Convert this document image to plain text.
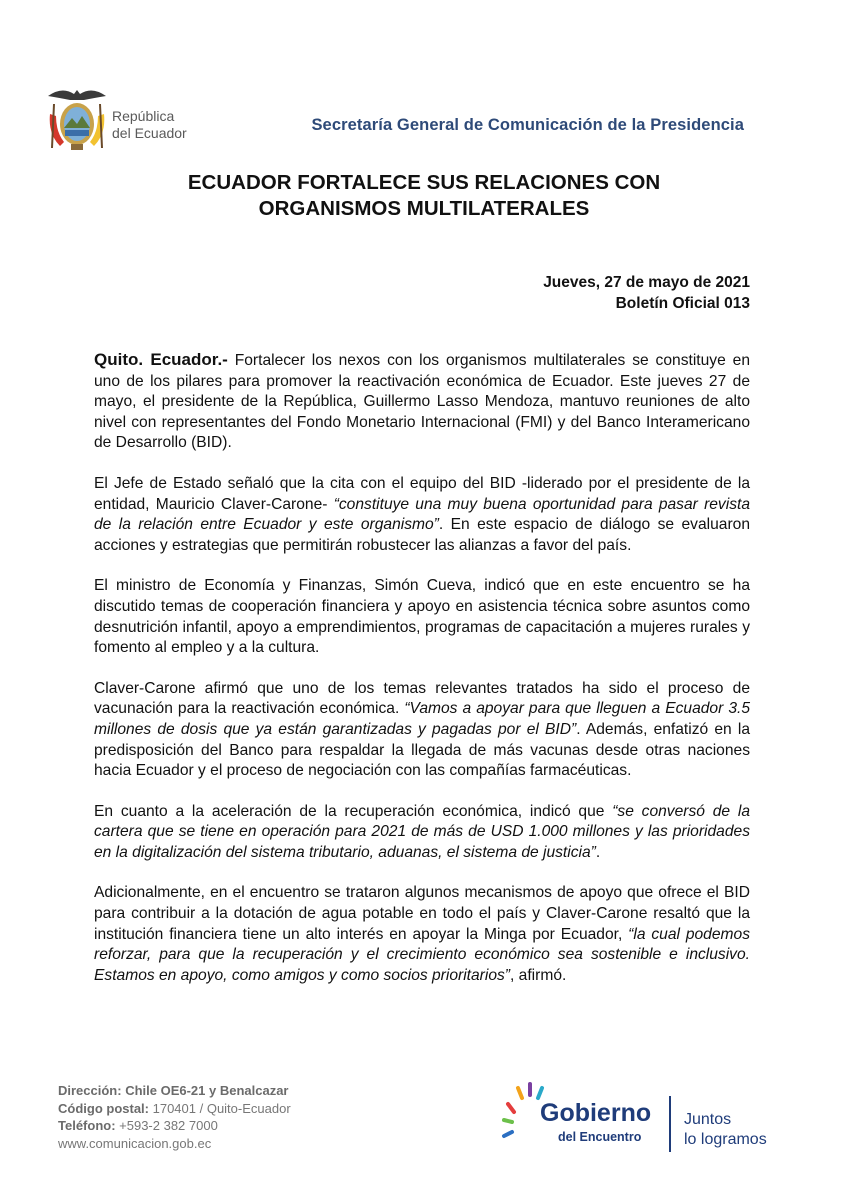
República
del Ecuador	Secretaría General de Comunicación de la Presidencia
ECUADOR FORTALECE SUS RELACIONES CON
ORGANISMOS MULTILATERALES
Jueves, 27 de mayo de 2021
Boletín Oficial 013

Quito. Ecuador.- Fortalecer los nexos con los organismos multilaterales se constituye en uno de los pilares para promover la reactivación económica de Ecuador. Este jueves 27 de mayo, el presidente de la República, Guillermo Lasso Mendoza, mantuvo reuniones de alto nivel con representantes del Fondo Monetario Internacional (FMI) y del Banco Interamericano de Desarrollo (BID).

El Jefe de Estado señaló que la cita con el equipo del BID -liderado por el presidente de la entidad, Mauricio Claver-Carone- “constituye una muy buena oportunidad para pasar revista de la relación entre Ecuador y este organismo”. En este espacio de diálogo se evaluaron acciones y estrategias que permitirán robustecer las alianzas a favor del país.

El ministro de Economía y Finanzas, Simón Cueva, indicó que en este encuentro se ha discutido temas de cooperación financiera y apoyo en asistencia técnica sobre asuntos como desnutrición infantil, apoyo a emprendimientos, programas de capacitación a mujeres rurales y fomento al empleo y a la cultura.

Claver-Carone afirmó que uno de los temas relevantes tratados ha sido el proceso de vacunación para la reactivación económica. “Vamos a apoyar para que lleguen a Ecuador 3.5 millones de dosis que ya están garantizadas y pagadas por el BID”. Además, enfatizó en la predisposición del Banco para respaldar la llegada de más vacunas desde otras naciones hacia Ecuador y el proceso de negociación con las compañías farmacéuticas.

En cuanto a la aceleración de la recuperación económica, indicó que “se conversó de la cartera que se tiene en operación para 2021 de más de USD 1.000 millones y las prioridades en la digitalización del sistema tributario, aduanas, el sistema de justicia”.

Adicionalmente, en el encuentro se trataron algunos mecanismos de apoyo que ofrece el BID para contribuir a la dotación de agua potable en todo el país y Claver-Carone resaltó que la institución financiera tiene un alto interés en apoyar la Minga por Ecuador, “la cual podemos reforzar, para que la recuperación y el crecimiento económico sea sostenible e inclusivo. Estamos en apoyo, como amigos y como socios prioritarios”, afirmó.

Dirección: Chile OE6-21 y Benalcazar
Código postal: 170401 / Quito-Ecuador
Teléfono: +593-2 382 7000
www.comunicacion.gob.ec
Gobierno
del Encuentro
Juntos
lo logramos
